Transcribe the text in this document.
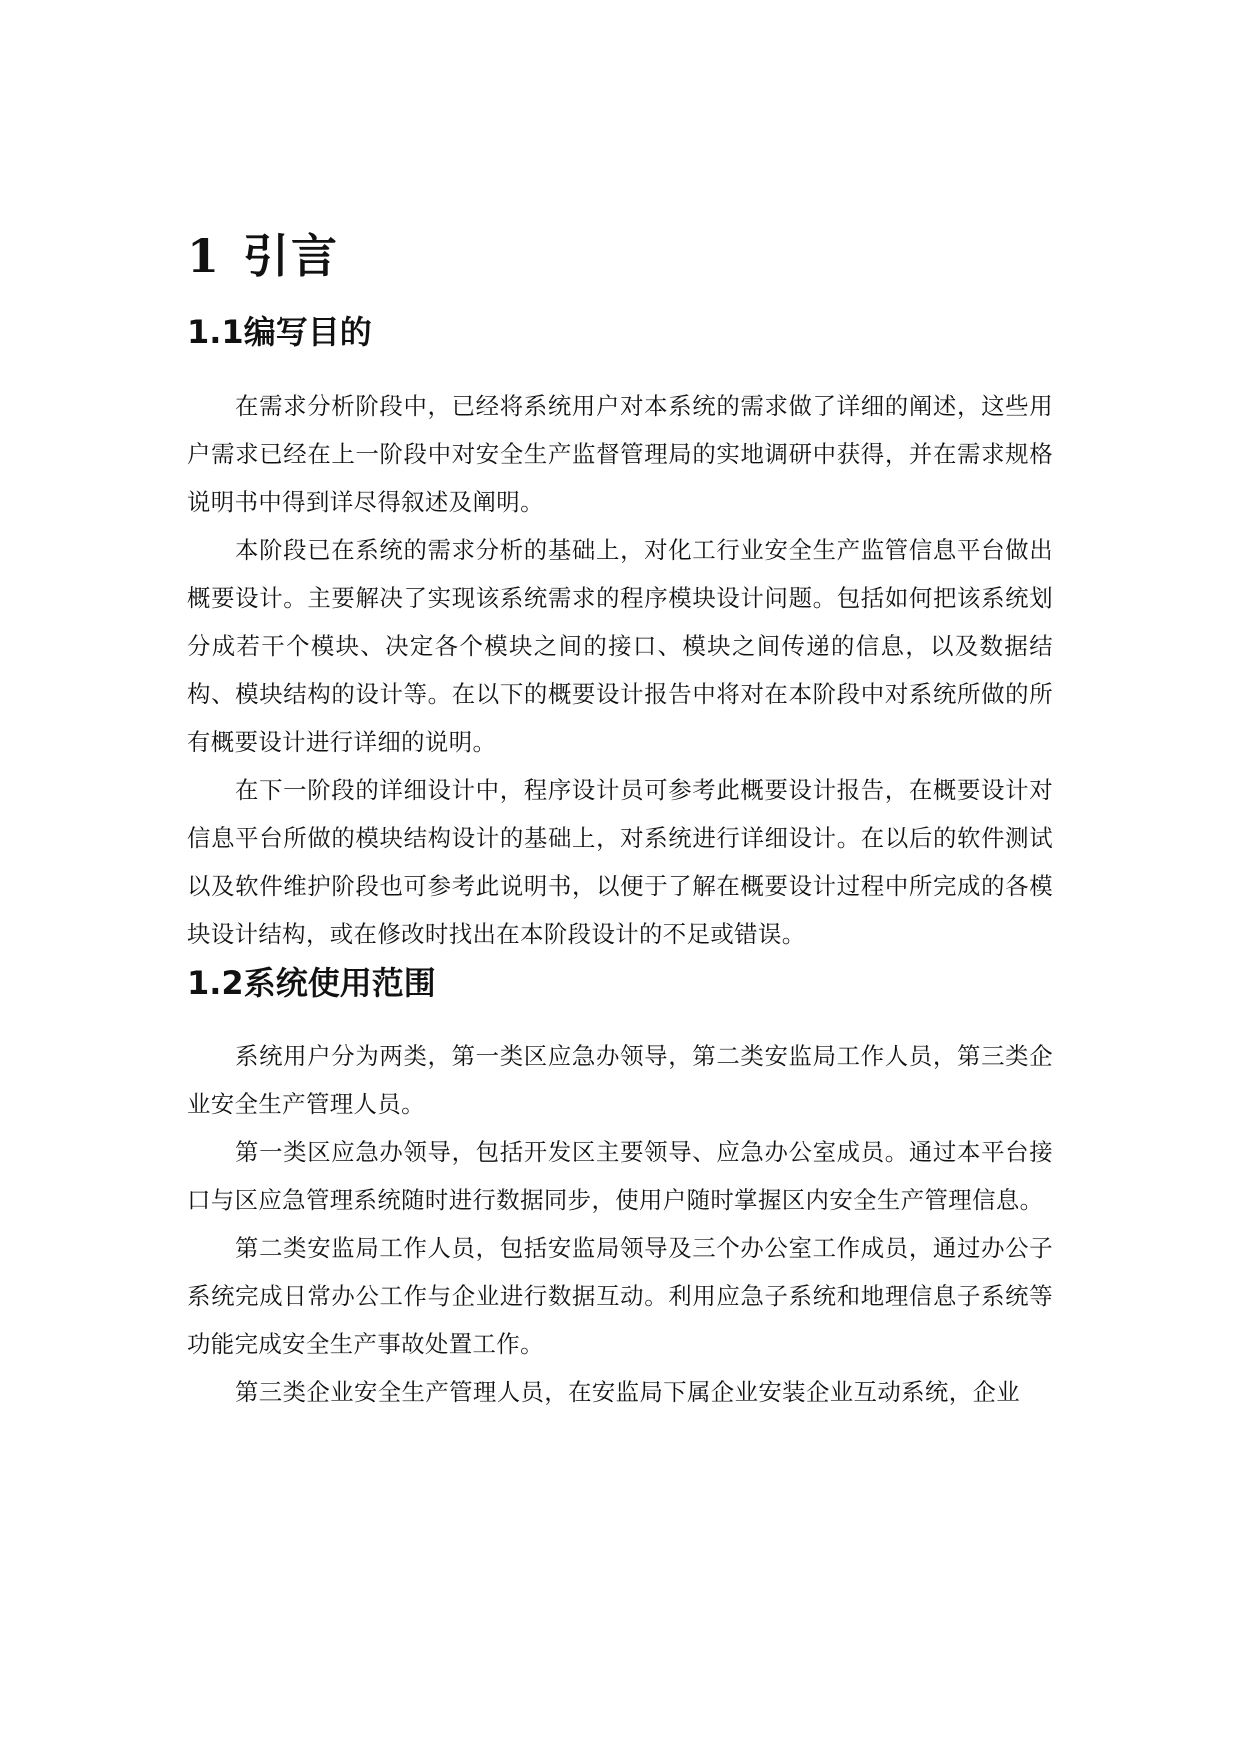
1 引言
1.1编写目的

在需求分析阶段中，已经将系统用户对本系统的需求做了详细的阐述，这些用户需求已经在上一阶段中对安全生产监督管理局的实地调研中获得，并在需求规格说明书中得到详尽得叙述及阐明。

本阶段已在系统的需求分析的基础上，对化工行业安全生产监管信息平台做出概要设计。主要解决了实现该系统需求的程序模块设计问题。包括如何把该系统划分成若干个模块、决定各个模块之间的接口、模块之间传递的信息，以及数据结构、模块结构的设计等。在以下的概要设计报告中将对在本阶段中对系统所做的所有概要设计进行详细的说明。

在下一阶段的详细设计中，程序设计员可参考此概要设计报告，在概要设计对信息平台所做的模块结构设计的基础上，对系统进行详细设计。在以后的软件测试以及软件维护阶段也可参考此说明书，以便于了解在概要设计过程中所完成的各模块设计结构，或在修改时找出在本阶段设计的不足或错误。

1.2系统使用范围

系统用户分为两类，第一类区应急办领导，第二类安监局工作人员，第三类企业安全生产管理人员。

第一类区应急办领导，包括开发区主要领导、应急办公室成员。通过本平台接口与区应急管理系统随时进行数据同步，使用户随时掌握区内安全生产管理信息。

第二类安监局工作人员，包括安监局领导及三个办公室工作成员，通过办公子系统完成日常办公工作与企业进行数据互动。利用应急子系统和地理信息子系统等功能完成安全生产事故处置工作。

第三类企业安全生产管理人员，在安监局下属企业安装企业互动系统，企业
